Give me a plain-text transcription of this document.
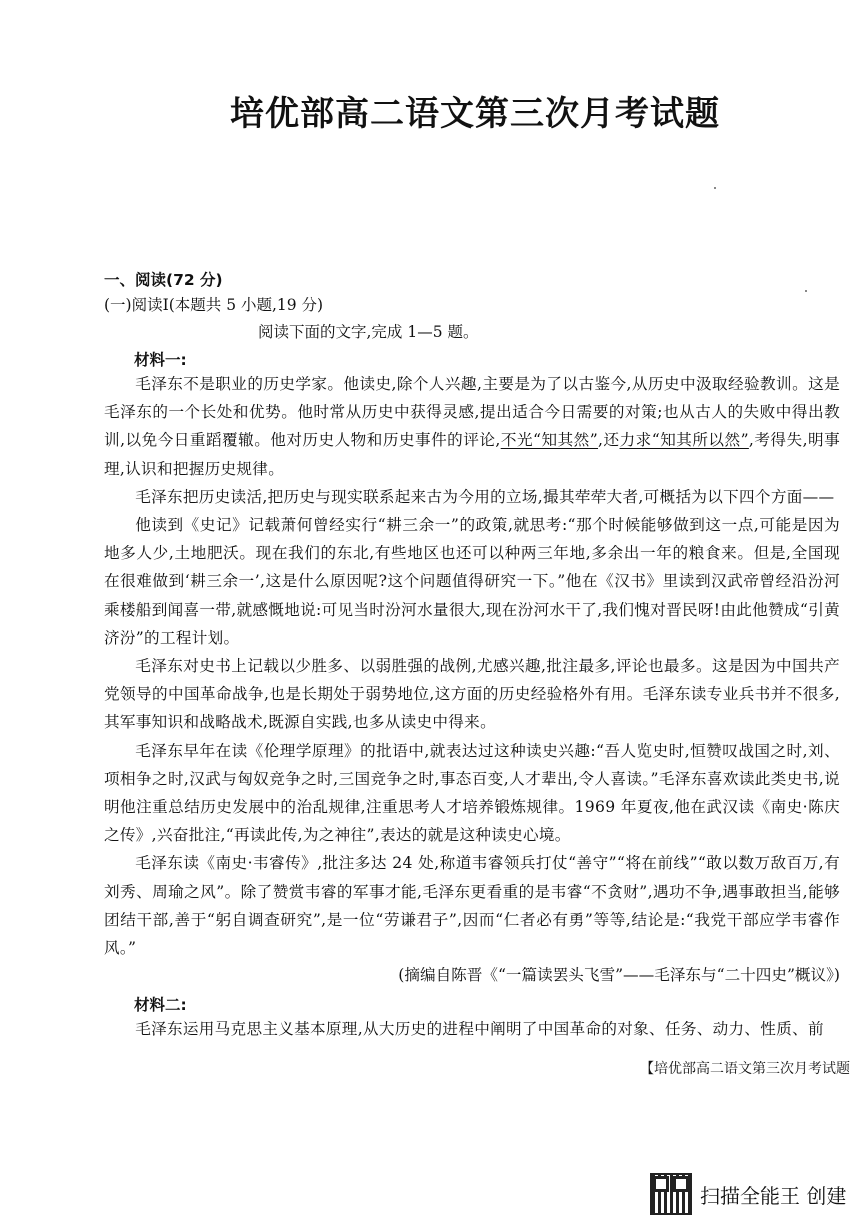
培优部高二语文第三次月考试题
一、阅读(72 分)
(一)阅读Ⅰ(本题共 5 小题,19 分)
阅读下面的文字,完成 1—5 题。
材料一:

毛泽东不是职业的历史学家。他读史,除个人兴趣,主要是为了以古鉴今,从历史中汲取经验教训。这是毛泽东的一个长处和优势。他时常从历史中获得灵感,提出适合今日需要的对策;也从古人的失败中得出教训,以免今日重蹈覆辙。他对历史人物和历史事件的评论,不光“知其然”,还力求“知其所以然”,考得失,明事理,认识和把握历史规律。

毛泽东把历史读活,把历史与现实联系起来古为今用的立场,撮其荦荦大者,可概括为以下四个方面——

他读到《史记》记载萧何曾经实行“耕三余一”的政策,就思考:“那个时候能够做到这一点,可能是因为地多人少,土地肥沃。现在我们的东北,有些地区也还可以种两三年地,多余出一年的粮食来。但是,全国现在很难做到‘耕三余一’,这是什么原因呢?这个问题值得研究一下。”他在《汉书》里读到汉武帝曾经沿汾河乘楼船到闻喜一带,就感慨地说:可见当时汾河水量很大,现在汾河水干了,我们愧对晋民呀!由此他赞成“引黄济汾”的工程计划。

毛泽东对史书上记载以少胜多、以弱胜强的战例,尤感兴趣,批注最多,评论也最多。这是因为中国共产党领导的中国革命战争,也是长期处于弱势地位,这方面的历史经验格外有用。毛泽东读专业兵书并不很多,其军事知识和战略战术,既源自实践,也多从读史中得来。

毛泽东早年在读《伦理学原理》的批语中,就表达过这种读史兴趣:“吾人览史时,恒赞叹战国之时,刘、项相争之时,汉武与匈奴竞争之时,三国竞争之时,事态百变,人才辈出,令人喜读。”毛泽东喜欢读此类史书,说明他注重总结历史发展中的治乱规律,注重思考人才培养锻炼规律。1969 年夏夜,他在武汉读《南史·陈庆之传》,兴奋批注,“再读此传,为之神往”,表达的就是这种读史心境。

毛泽东读《南史·韦睿传》,批注多达 24 处,称道韦睿领兵打仗“善守”“将在前线”“敢以数万敌百万,有刘秀、周瑜之风”。除了赞赏韦睿的军事才能,毛泽东更看重的是韦睿“不贪财”,遇功不争,遇事敢担当,能够团结干部,善于“躬自调查研究”,是一位“劳谦君子”,因而“仁者必有勇”等等,结论是:“我党干部应学韦睿作风。”

(摘编自陈晋《“一篇读罢头飞雪”——毛泽东与“二十四史”概议》)
材料二:

毛泽东运用马克思主义基本原理,从大历史的进程中阐明了中国革命的对象、任务、动力、性质、前

【培优部高二语文第三次月考试题
扫描全能王 创建
